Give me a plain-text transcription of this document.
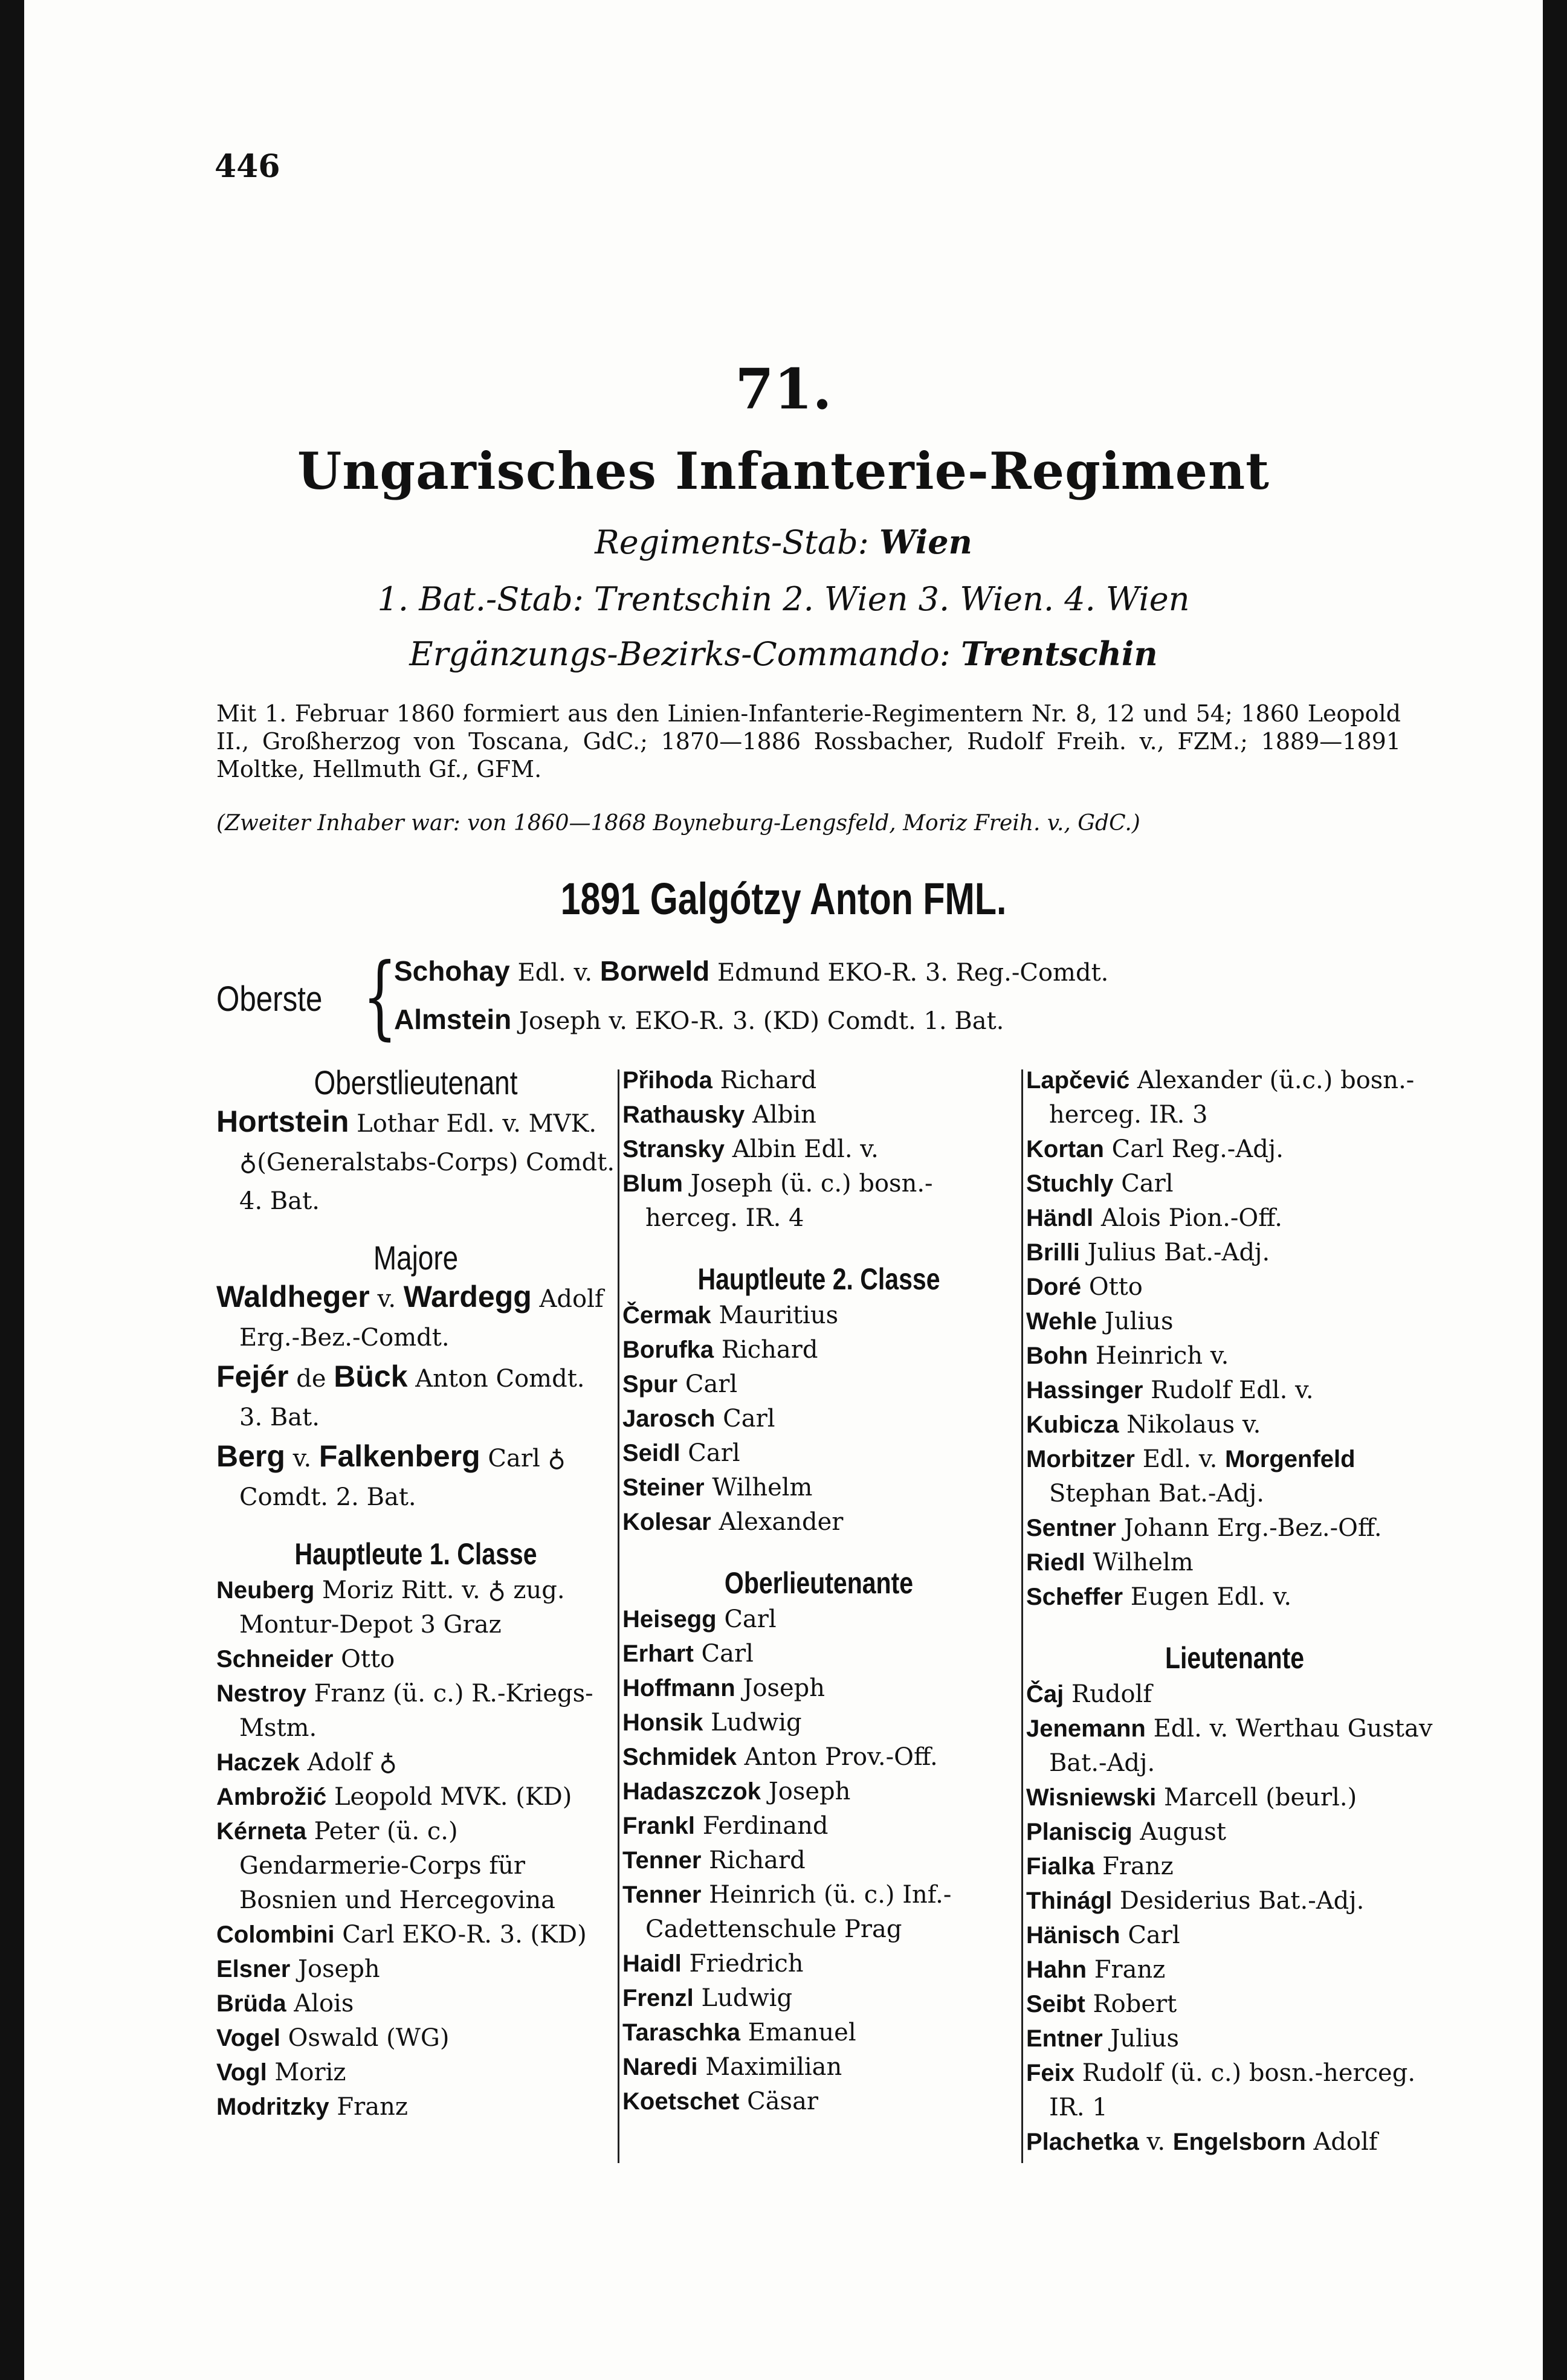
446
71.
Ungarisches Infanterie-Regiment
Regiments-Stab: Wien
1. Bat.-Stab: Trentschin 2. Wien 3. Wien. 4. Wien
Ergänzungs-Bezirks-Commando: Trentschin
Mit 1. Februar 1860 formiert aus den Linien-Infanterie-Regimentern Nr. 8, 12 und 54; 1860 Leopold II., Großherzog von Toscana, GdC.; 1870—1886 Rossbacher, Rudolf Freih. v., FZM.; 1889—1891 Moltke, Hellmuth Gf., GFM.
(Zweiter Inhaber war: von 1860—1868 Boyneburg-Lengsfeld, Moriz Freih. v., GdC.)
1891 Galgótzy Anton FML.
Oberste {
Schohay Edl. v. Borweld Edmund EKO-R. 3. Reg.-Comdt.
Almstein Joseph v. EKO-R. 3. (KD) Comdt. 1. Bat.
Oberstlieutenant
Hortstein Lothar Edl. v. MVK. ♁(Generalstabs-Corps) Comdt. 4. Bat.
Majore
Waldheger v. Wardegg Adolf Erg.-Bez.-Comdt.
Fejér de Bück Anton Comdt. 3. Bat.
Berg v. Falkenberg Carl ♁ Comdt. 2. Bat.
Hauptleute 1. Classe
Neuberg Moriz Ritt. v. ♁ zug. Montur-Depot 3 Graz
Schneider Otto
Nestroy Franz (ü. c.) R.-Kriegs-Mstm.
Haczek Adolf ♁
Ambrožić Leopold MVK. (KD)
Kérneta Peter (ü. c.) Gendarmerie-Corps für Bosnien und Hercegovina
Colombini Carl EKO-R. 3. (KD)
Elsner Joseph
Brüda Alois
Vogel Oswald (WG)
Vogl Moriz
Modritzky Franz
Přihoda Richard
Rathausky Albin
Stransky Albin Edl. v.
Blum Joseph (ü. c.) bosn.-herceg. IR. 4
Hauptleute 2. Classe
Čermak Mauritius
Borufka Richard
Spur Carl
Jarosch Carl
Seidl Carl
Steiner Wilhelm
Kolesar Alexander
Oberlieutenante
Heisegg Carl
Erhart Carl
Hoffmann Joseph
Honsik Ludwig
Schmidek Anton Prov.-Off.
Hadaszczok Joseph
Frankl Ferdinand
Tenner Richard
Tenner Heinrich (ü. c.) Inf.-Cadettenschule Prag
Haidl Friedrich
Frenzl Ludwig
Taraschka Emanuel
Naredi Maximilian
Koetschet Cäsar
Lapčević Alexander (ü.c.) bosn.-herceg. IR. 3
Kortan Carl Reg.-Adj.
Stuchly Carl
Händl Alois Pion.-Off.
Brilli Julius Bat.-Adj.
Doré Otto
Wehle Julius
Bohn Heinrich v.
Hassinger Rudolf Edl. v.
Kubicza Nikolaus v.
Morbitzer Edl. v. Morgenfeld Stephan Bat.-Adj.
Sentner Johann Erg.-Bez.-Off.
Riedl Wilhelm
Scheffer Eugen Edl. v.
Lieutenante
Čaj Rudolf
Jenemann Edl. v. Werthau Gustav Bat.-Adj.
Wisniewski Marcell (beurl.)
Planiscig August
Fialka Franz
Thinágl Desiderius Bat.-Adj.
Hänisch Carl
Hahn Franz
Seibt Robert
Entner Julius
Feix Rudolf (ü. c.) bosn.-herceg. IR. 1
Plachetka v. Engelsborn Adolf
